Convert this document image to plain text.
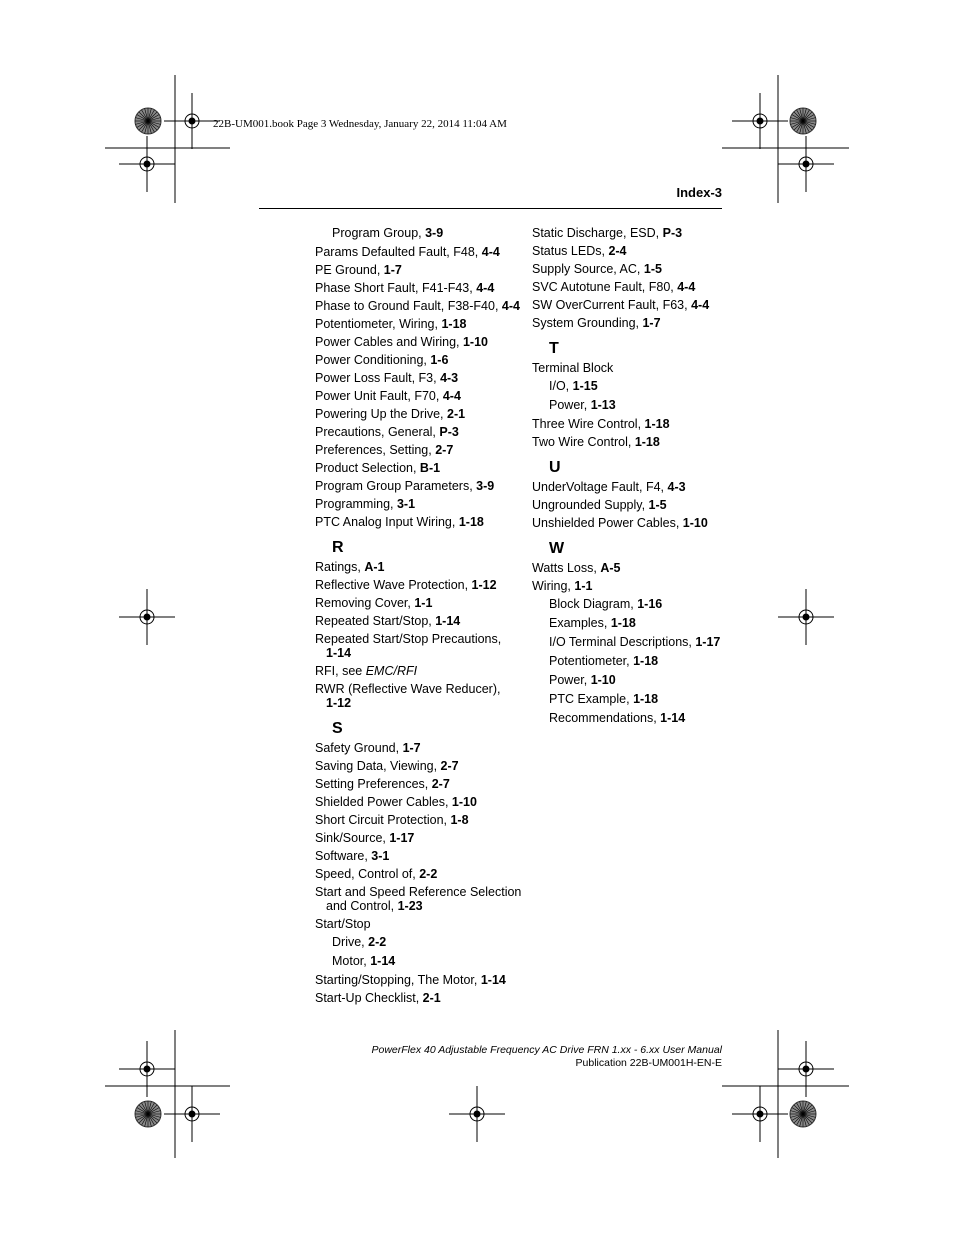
22B-UM001.book Page 3 Wednesday, January 22, 2014 11:04 AM
Index-3
Program Group, 3-9
Params Defaulted Fault, F48, 4-4
PE Ground, 1-7
Phase Short Fault, F41-F43, 4-4
Phase to Ground Fault, F38-F40, 4-4
Potentiometer, Wiring, 1-18
Power Cables and Wiring, 1-10
Power Conditioning, 1-6
Power Loss Fault, F3, 4-3
Power Unit Fault, F70, 4-4
Powering Up the Drive, 2-1
Precautions, General, P-3
Preferences, Setting, 2-7
Product Selection, B-1
Program Group Parameters, 3-9
Programming, 3-1
PTC Analog Input Wiring, 1-18
R
Ratings, A-1
Reflective Wave Protection, 1-12
Removing Cover, 1-1
Repeated Start/Stop, 1-14
Repeated Start/Stop Precautions,
1-14
RFI, see EMC/RFI
RWR (Reflective Wave Reducer),
1-12
S
Safety Ground, 1-7
Saving Data, Viewing, 2-7
Setting Preferences, 2-7
Shielded Power Cables, 1-10
Short Circuit Protection, 1-8
Sink/Source, 1-17
Software, 3-1
Speed, Control of, 2-2
Start and Speed Reference Selection
and Control, 1-23
Start/Stop
Drive, 2-2
Motor, 1-14
Starting/Stopping, The Motor, 1-14
Start-Up Checklist, 2-1
Static Discharge, ESD, P-3
Status LEDs, 2-4
Supply Source, AC, 1-5
SVC Autotune Fault, F80, 4-4
SW OverCurrent Fault, F63, 4-4
System Grounding, 1-7
T
Terminal Block
I/O, 1-15
Power, 1-13
Three Wire Control, 1-18
Two Wire Control, 1-18
U
UnderVoltage Fault, F4, 4-3
Ungrounded Supply, 1-5
Unshielded Power Cables, 1-10
W
Watts Loss, A-5
Wiring, 1-1
Block Diagram, 1-16
Examples, 1-18
I/O Terminal Descriptions, 1-17
Potentiometer, 1-18
Power, 1-10
PTC Example, 1-18
Recommendations, 1-14
PowerFlex 40 Adjustable Frequency AC Drive FRN 1.xx - 6.xx User Manual
Publication 22B-UM001H-EN-E
